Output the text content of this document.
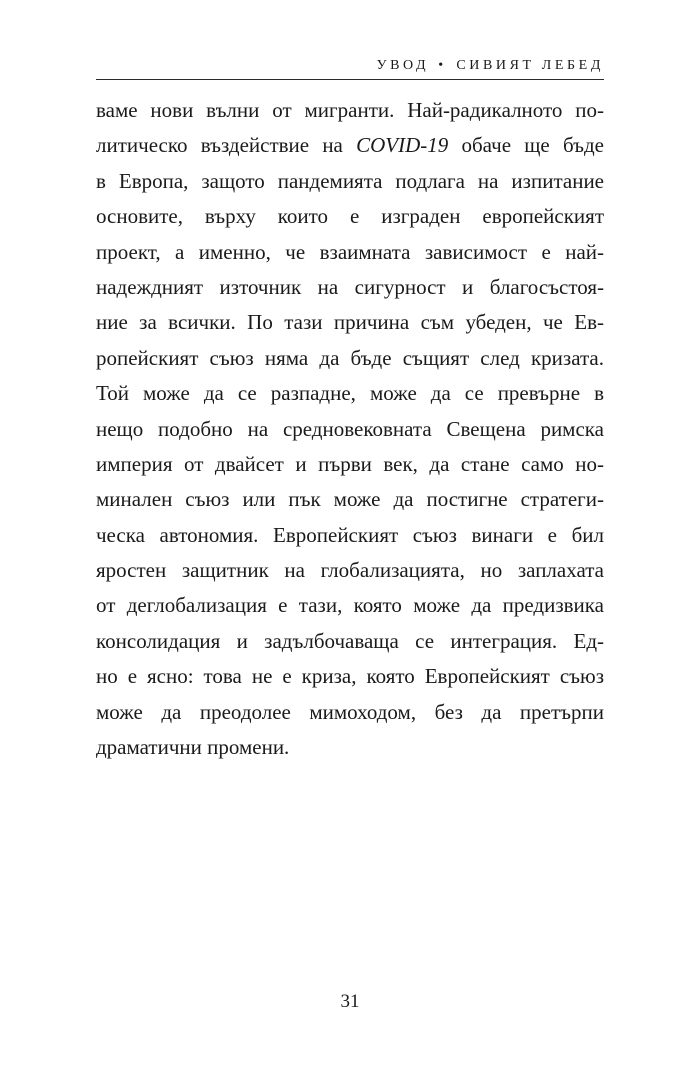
УВОД • СИВИЯТ ЛЕБЕД
ваме нови вълни от мигранти. Най-радикалното по-
литическо въздействие на COVID-19 обаче ще бъде
в Европа, защото пандемията подлага на изпитание
основите, върху които е изграден европейският
проект, а именно, че взаимната зависимост е най-
надеждният източник на сигурност и благосъстоя-
ние за всички. По тази причина съм убеден, че Ев-
ропейският съюз няма да бъде същият след кризата.
Той може да се разпадне, може да се превърне в
нещо подобно на средновековната Свещена римска
империя от двайсет и първи век, да стане само но-
минален съюз или пък може да постигне стратеги-
ческа автономия. Европейският съюз винаги е бил
яростен защитник на глобализацията, но заплахата
от деглобализация е тази, която може да предизвика
консолидация и задълбочаваща се интеграция. Ед-
но е ясно: това не е криза, която Европейският съюз
може да преодолее мимоходом, без да претърпи
драматични промени.
31
